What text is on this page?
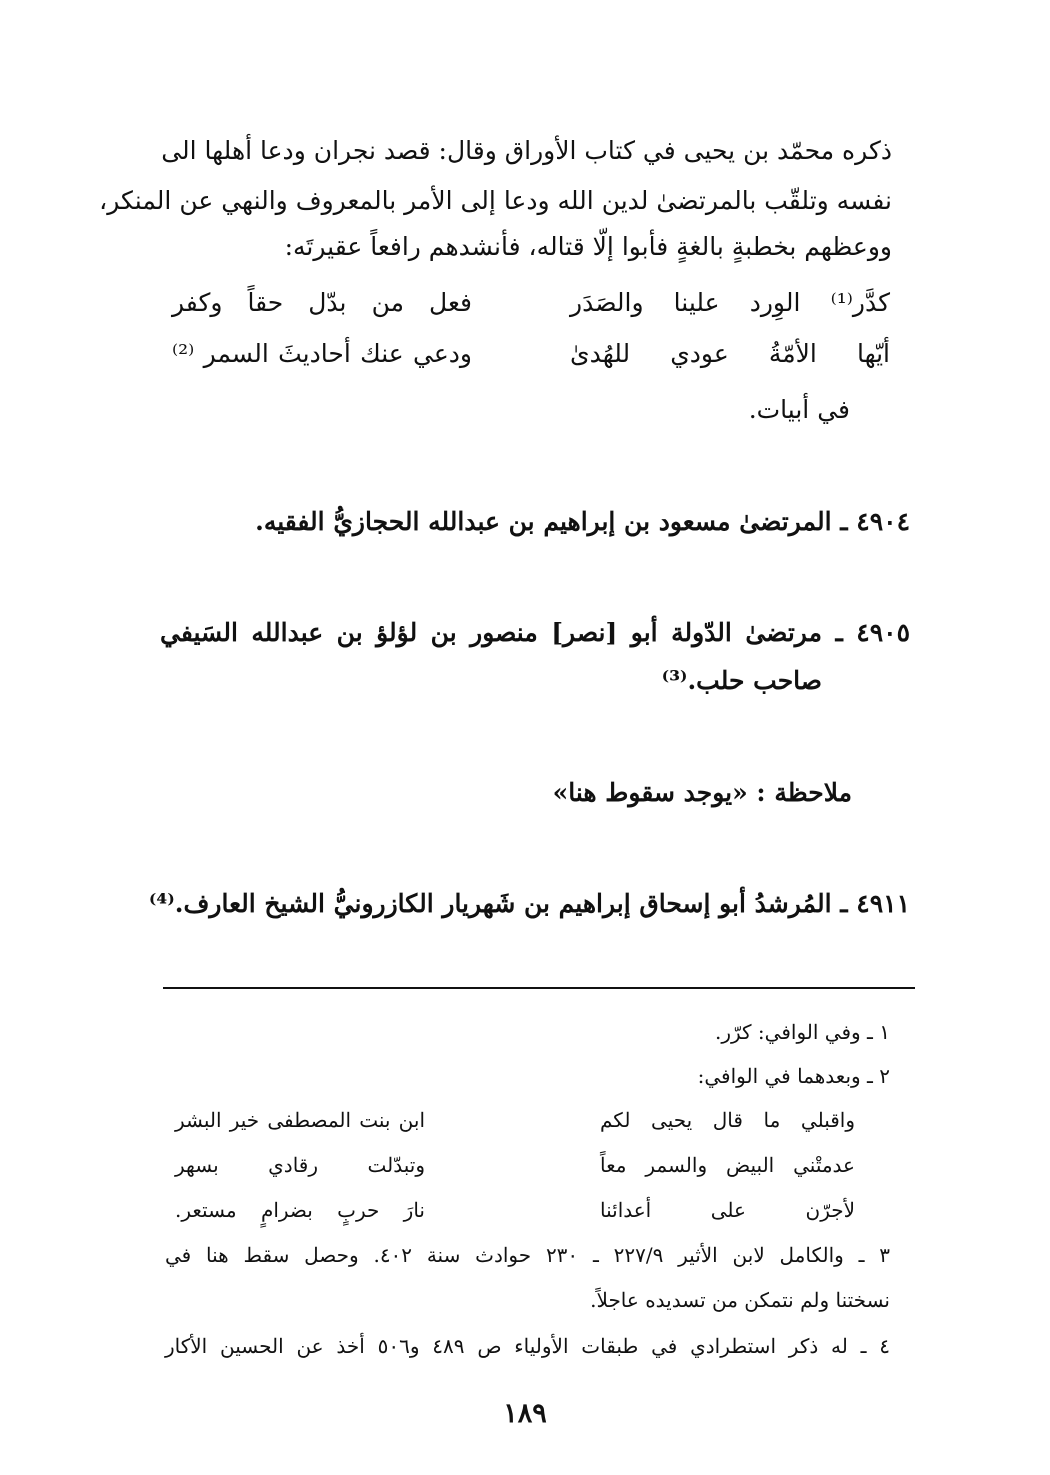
ذكره محمّد بن يحيى في كتاب الأوراق وقال: قصد نجران ودعا أهلها الى
نفسه وتلقّب بالمرتضىٰ لدين الله ودعا إلى الأمر بالمعروف والنهي عن المنكر،
ووعظهم بخطبةٍ بالغةٍ فأبوا إلّا قتاله، فأنشدهم رافعاً عقيرتَه:
كدَّر⁽¹⁾ الوِرد علينا والصَدَر
فعل من بدّل حقاً وكفر
أيّها الأمّةُ عودي للهُدىٰ
ودعي عنك أحاديثَ السمر ⁽²⁾
في أبيات.
٤٩٠٤ ـ المرتضىٰ مسعود بن إبراهيم بن عبدالله الحجازيُّ الفقيه.
٤٩٠٥ ـ مرتضىٰ الدّولة أبو [نصر] منصور بن لؤلؤ بن عبدالله السَيفي
صاحب حلب.⁽³⁾
ملاحظة : «يوجد سقوط هنا»
٤٩١١ ـ المُرشدُ أبو إسحاق إبراهيم بن شَهريار الكازرونيُّ الشيخ العارف.⁽⁴⁾
١ ـ وفي الوافي: كرّر.
٢ ـ وبعدهما في الوافي:
واقبلي ما قال يحيى لكم
ابن بنت المصطفى خير البشر
عدمتْني البيض والسمر معاً
وتبدّلت رقادي بسهر
لأجرّن على أعدائنا
نارَ حربٍ بضرامٍ مستعر.
٣ ـ والكامل لابن الأثير ٢٢٧/٩ ـ ٢٣٠ حوادث سنة ٤٠٢. وحصل سقط هنا في
نسختنا ولم نتمكن من تسديده عاجلاً.
٤ ـ له ذكر استطرادي في طبقات الأولياء ص ٤٨٩ و٥٠٦ أخذ عن الحسين الأكار
١٨٩
